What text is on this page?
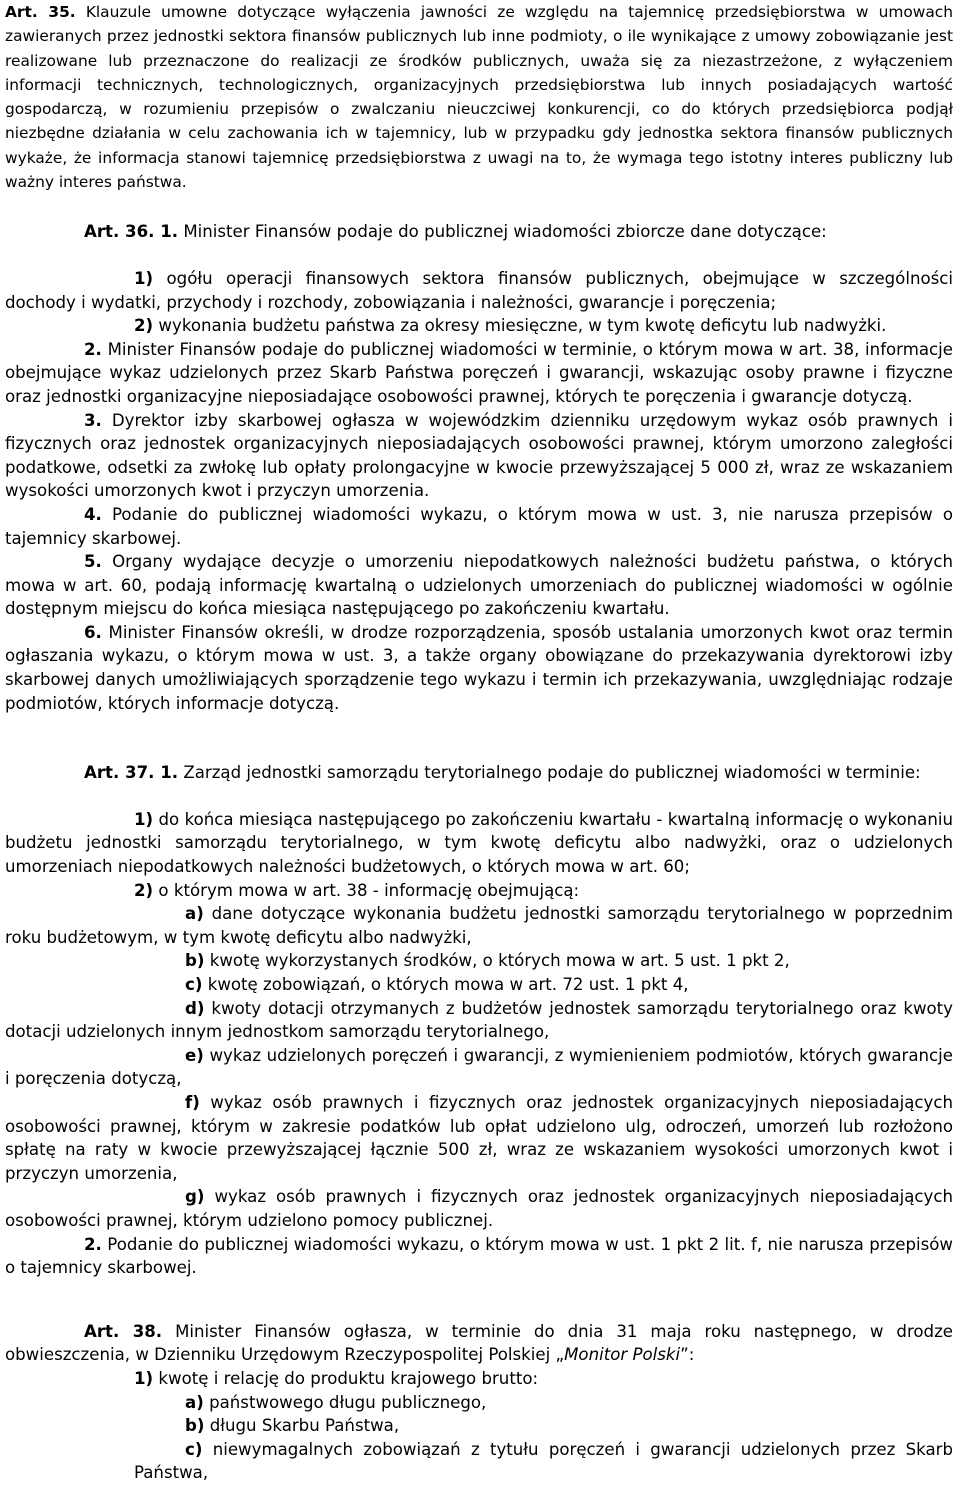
Art. 35. Klauzule umowne dotyczące wyłączenia jawności ze względu na tajemnicę przedsiębiorstwa w umowach zawieranych przez jednostki sektora finansów publicznych lub inne podmioty, o ile wynikające z umowy zobowiązanie jest realizowane lub przeznaczone do realizacji ze środków publicznych, uważa się za niezastrzeżone, z wyłączeniem informacji technicznych, technologicznych, organizacyjnych przedsiębiorstwa lub innych posiadających wartość gospodarczą, w rozumieniu przepisów o zwalczaniu nieuczciwej konkurencji, co do których przedsiębiorca podjął niezbędne działania w celu zachowania ich w tajemnicy, lub w przypadku gdy jednostka sektora finansów publicznych wykaże, że informacja stanowi tajemnicę przedsiębiorstwa z uwagi na to, że wymaga tego istotny interes publiczny lub ważny interes państwa.

Art. 36. 1. Minister Finansów podaje do publicznej wiadomości zbiorcze dane dotyczące:

1) ogółu operacji finansowych sektora finansów publicznych, obejmujące w szczególności dochody i wydatki, przychody i rozchody, zobowiązania i należności, gwarancje i poręczenia;

2) wykonania budżetu państwa za okresy miesięczne, w tym kwotę deficytu lub nadwyżki.

2. Minister Finansów podaje do publicznej wiadomości w terminie, o którym mowa w art. 38, informacje obejmujące wykaz udzielonych przez Skarb Państwa poręczeń i gwarancji, wskazując osoby prawne i fizyczne oraz jednostki organizacyjne nieposiadające osobowości prawnej, których te poręczenia i gwarancje dotyczą.

3. Dyrektor izby skarbowej ogłasza w wojewódzkim dzienniku urzędowym wykaz osób prawnych i fizycznych oraz jednostek organizacyjnych nieposiadających osobowości prawnej, którym umorzono zaległości podatkowe, odsetki za zwłokę lub opłaty prolongacyjne w kwocie przewyższającej 5 000 zł, wraz ze wskazaniem wysokości umorzonych kwot i przyczyn umorzenia.

4. Podanie do publicznej wiadomości wykazu, o którym mowa w ust. 3, nie narusza przepisów o tajemnicy skarbowej.

5. Organy wydające decyzje o umorzeniu niepodatkowych należności budżetu państwa, o których mowa w art. 60, podają informację kwartalną o udzielonych umorzeniach do publicznej wiadomości w ogólnie dostępnym miejscu do końca miesiąca następującego po zakończeniu kwartału.

6. Minister Finansów określi, w drodze rozporządzenia, sposób ustalania umorzonych kwot oraz termin ogłaszania wykazu, o którym mowa w ust. 3, a także organy obowiązane do przekazywania dyrektorowi izby skarbowej danych umożliwiających sporządzenie tego wykazu i termin ich przekazywania, uwzględniając rodzaje podmiotów, których informacje dotyczą.

Art. 37. 1. Zarząd jednostki samorządu terytorialnego podaje do publicznej wiadomości w terminie:

1) do końca miesiąca następującego po zakończeniu kwartału - kwartalną informację o wykonaniu budżetu jednostki samorządu terytorialnego, w tym kwotę deficytu albo nadwyżki, oraz o udzielonych umorzeniach niepodatkowych należności budżetowych, o których mowa w art. 60;

2) o którym mowa w art. 38 - informację obejmującą:

a) dane dotyczące wykonania budżetu jednostki samorządu terytorialnego w poprzednim roku budżetowym, w tym kwotę deficytu albo nadwyżki,

b) kwotę wykorzystanych środków, o których mowa w art. 5 ust. 1 pkt 2,

c) kwotę zobowiązań, o których mowa w art. 72 ust. 1 pkt 4,

d) kwoty dotacji otrzymanych z budżetów jednostek samorządu terytorialnego oraz kwoty dotacji udzielonych innym jednostkom samorządu terytorialnego,

e) wykaz udzielonych poręczeń i gwarancji, z wymienieniem podmiotów, których gwarancje i poręczenia dotyczą,

f) wykaz osób prawnych i fizycznych oraz jednostek organizacyjnych nieposiadających osobowości prawnej, którym w zakresie podatków lub opłat udzielono ulg, odroczeń, umorzeń lub rozłożono spłatę na raty w kwocie przewyższającej łącznie 500 zł, wraz ze wskazaniem wysokości umorzonych kwot i przyczyn umorzenia,

g) wykaz osób prawnych i fizycznych oraz jednostek organizacyjnych nieposiadających osobowości prawnej, którym udzielono pomocy publicznej.

2. Podanie do publicznej wiadomości wykazu, o którym mowa w ust. 1 pkt 2 lit. f, nie narusza przepisów o tajemnicy skarbowej.

Art. 38. Minister Finansów ogłasza, w terminie do dnia 31 maja roku następnego, w drodze obwieszczenia, w Dzienniku Urzędowym Rzeczypospolitej Polskiej „Monitor Polski”:

1) kwotę i relację do produktu krajowego brutto:

a) państwowego długu publicznego,

b) długu Skarbu Państwa,

c) niewymagalnych zobowiązań z tytułu poręczeń i gwarancji udzielonych przez Skarb Państwa,
